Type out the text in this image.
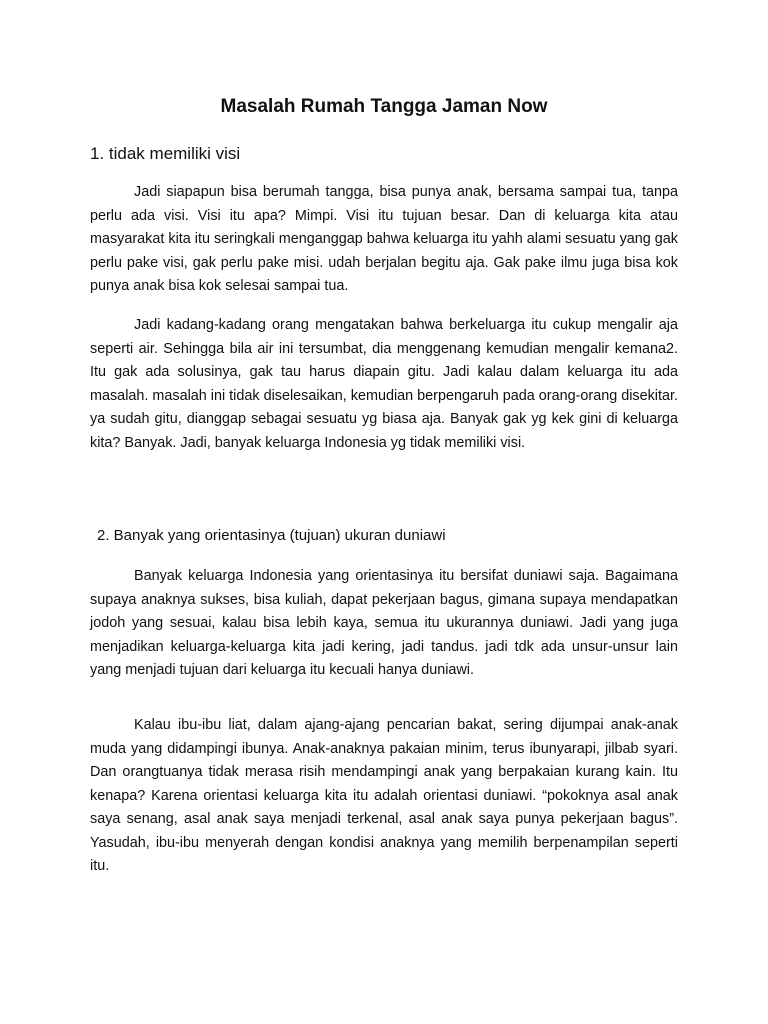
Masalah Rumah Tangga Jaman Now
1. tidak memiliki visi

Jadi siapapun bisa berumah tangga, bisa punya anak, bersama sampai tua, tanpa perlu ada visi. Visi itu apa? Mimpi. Visi itu tujuan besar. Dan di keluarga kita atau masyarakat kita itu seringkali menganggap bahwa keluarga itu yahh alami sesuatu yang gak perlu pake visi, gak perlu pake misi. udah berjalan begitu aja. Gak pake ilmu juga bisa kok punya anak bisa kok selesai sampai tua.

Jadi kadang-kadang orang mengatakan bahwa berkeluarga itu cukup mengalir aja seperti air. Sehingga bila air ini tersumbat, dia menggenang kemudian mengalir kemana2. Itu gak ada solusinya, gak tau harus diapain gitu. Jadi kalau dalam keluarga itu ada masalah. masalah ini tidak diselesaikan, kemudian berpengaruh pada orang-orang disekitar. ya sudah gitu, dianggap sebagai sesuatu yg biasa aja. Banyak gak yg kek gini di keluarga kita? Banyak. Jadi, banyak keluarga Indonesia yg tidak memiliki visi.

2. Banyak yang orientasinya (tujuan) ukuran duniawi

Banyak keluarga Indonesia yang orientasinya itu bersifat duniawi saja. Bagaimana supaya anaknya sukses, bisa kuliah, dapat pekerjaan bagus, gimana supaya mendapatkan jodoh yang sesuai, kalau bisa lebih kaya, semua itu ukurannya duniawi. Jadi yang juga menjadikan keluarga-keluarga kita jadi kering, jadi tandus. jadi tdk ada unsur-unsur lain yang menjadi tujuan dari keluarga itu kecuali hanya duniawi.

Kalau ibu-ibu liat, dalam ajang-ajang pencarian bakat, sering dijumpai anak-anak muda yang didampingi ibunya. Anak-anaknya pakaian minim, terus ibunyarapi, jilbab syari. Dan orangtuanya tidak merasa risih mendampingi anak yang berpakaian kurang kain. Itu kenapa? Karena orientasi keluarga kita itu adalah orientasi duniawi. “pokoknya asal anak saya senang, asal anak saya menjadi terkenal, asal anak saya punya pekerjaan bagus”. Yasudah, ibu-ibu menyerah dengan kondisi anaknya yang memilih berpenampilan seperti itu.
